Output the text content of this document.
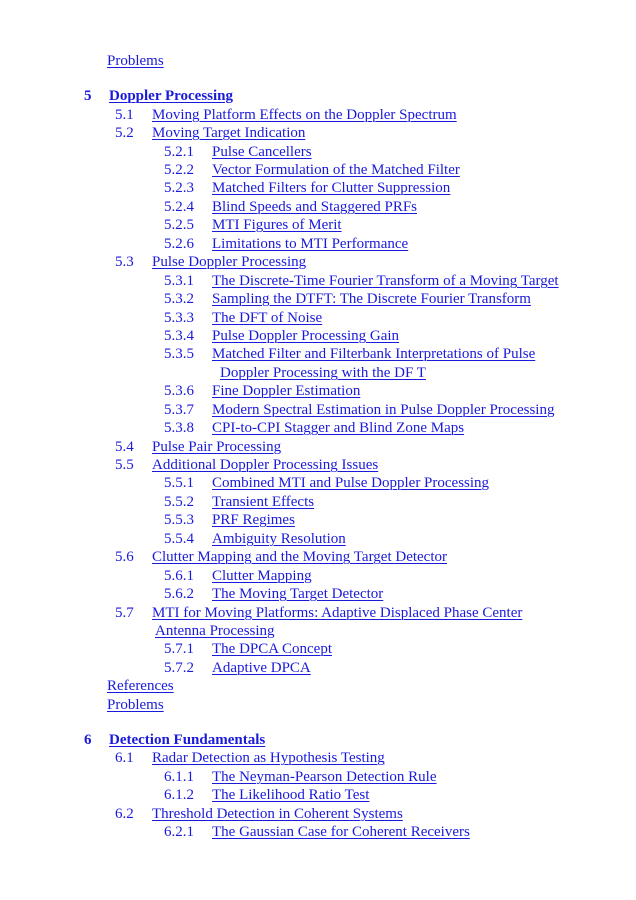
Problems
5 Doppler Processing
5.1 Moving Platform Effects on the Doppler Spectrum
5.2 Moving Target Indication
5.2.1 Pulse Cancellers
5.2.2 Vector Formulation of the Matched Filter
5.2.3 Matched Filters for Clutter Suppression
5.2.4 Blind Speeds and Staggered PRFs
5.2.5 MTI Figures of Merit
5.2.6 Limitations to MTI Performance
5.3 Pulse Doppler Processing
5.3.1 The Discrete-Time Fourier Transform of a Moving Target
5.3.2 Sampling the DTFT: The Discrete Fourier Transform
5.3.3 The DFT of Noise
5.3.4 Pulse Doppler Processing Gain
5.3.5 Matched Filter and Filterbank Interpretations of Pulse
Doppler Processing with the DF T
5.3.6 Fine Doppler Estimation
5.3.7 Modern Spectral Estimation in Pulse Doppler Processing
5.3.8 CPI-to-CPI Stagger and Blind Zone Maps
5.4 Pulse Pair Processing
5.5 Additional Doppler Processing Issues
5.5.1 Combined MTI and Pulse Doppler Processing
5.5.2 Transient Effects
5.5.3 PRF Regimes
5.5.4 Ambiguity Resolution
5.6 Clutter Mapping and the Moving Target Detector
5.6.1 Clutter Mapping
5.6.2 The Moving Target Detector
5.7 MTI for Moving Platforms: Adaptive Displaced Phase Center
Antenna Processing
5.7.1 The DPCA Concept
5.7.2 Adaptive DPCA
References
Problems
6 Detection Fundamentals
6.1 Radar Detection as Hypothesis Testing
6.1.1 The Neyman-Pearson Detection Rule
6.1.2 The Likelihood Ratio Test
6.2 Threshold Detection in Coherent Systems
6.2.1 The Gaussian Case for Coherent Receivers
